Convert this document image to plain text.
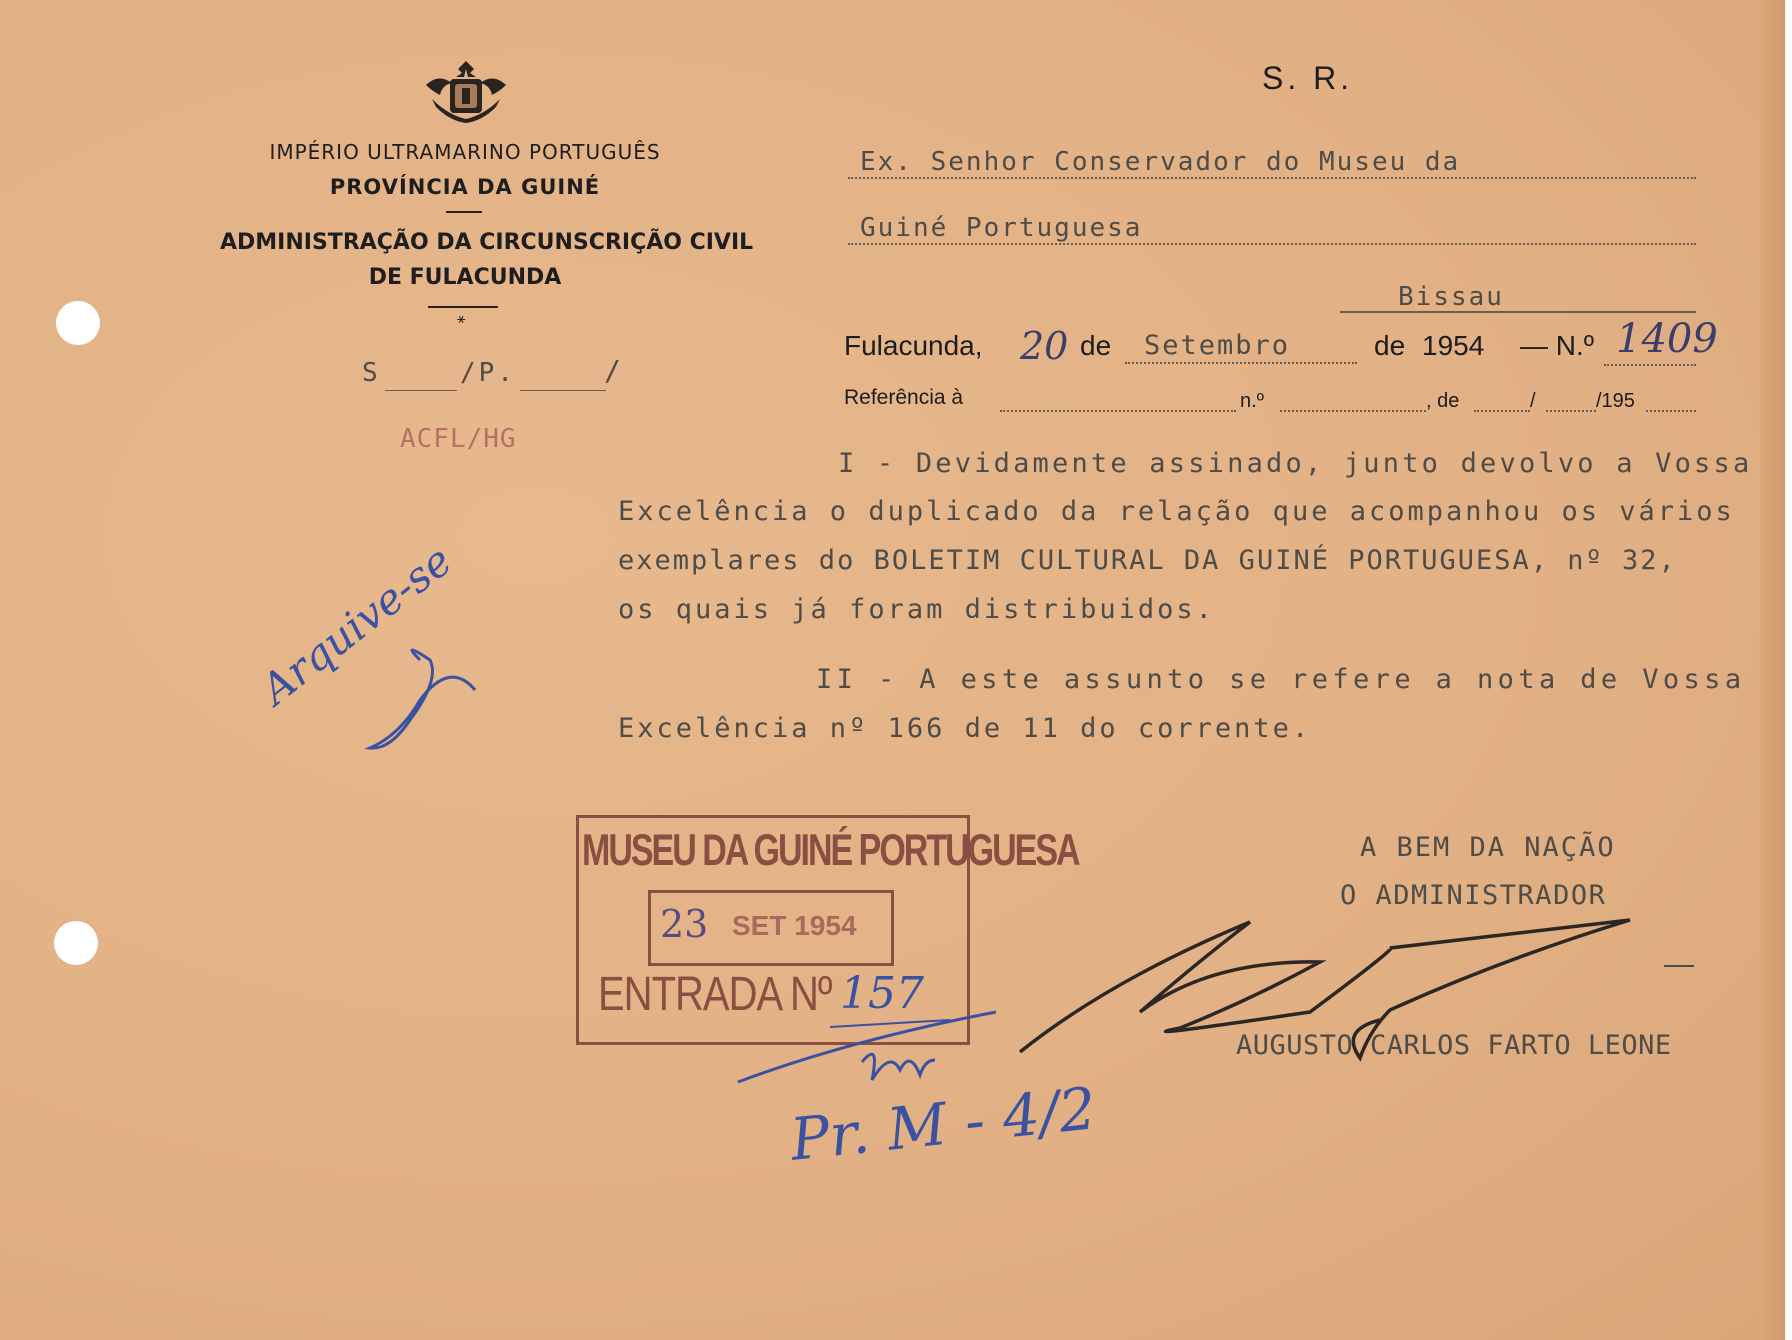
IMPÉRIO ULTRAMARINO PORTUGUÊS
PROVÍNCIA DA GUINÉ
ADMINISTRAÇÃO DA CIRCUNSCRIÇÃO CIVIL
DE FULACUNDA
⚹
S	/P.	/
ACFL/HG
S. R.
Ex. Senhor Conservador do Museu da
Guiné Portuguesa
Bissau
Fulacunda, 20 de Setembro	de 1954 — N.º 1409
Referência à	n.º	, de	/	/195
I - Devidamente assinado, junto devolvo a Vossa
Excelência o duplicado da relação que acompanhou os vários
exemplares do BOLETIM CULTURAL DA GUINÉ PORTUGUESA, nº 32,
os quais já foram distribuidos.
II - A este assunto se refere a nota de Vossa
Excelência nº 166 de 11 do corrente.
A BEM DA NAÇÃO
O ADMINISTRADOR
AUGUSTO CARLOS FARTO LEONE
MUSEU DA GUINÉ PORTUGUESA
23 SET 1954
ENTRADA Nº 157
Arquive-se
Pr. M - 4/2
